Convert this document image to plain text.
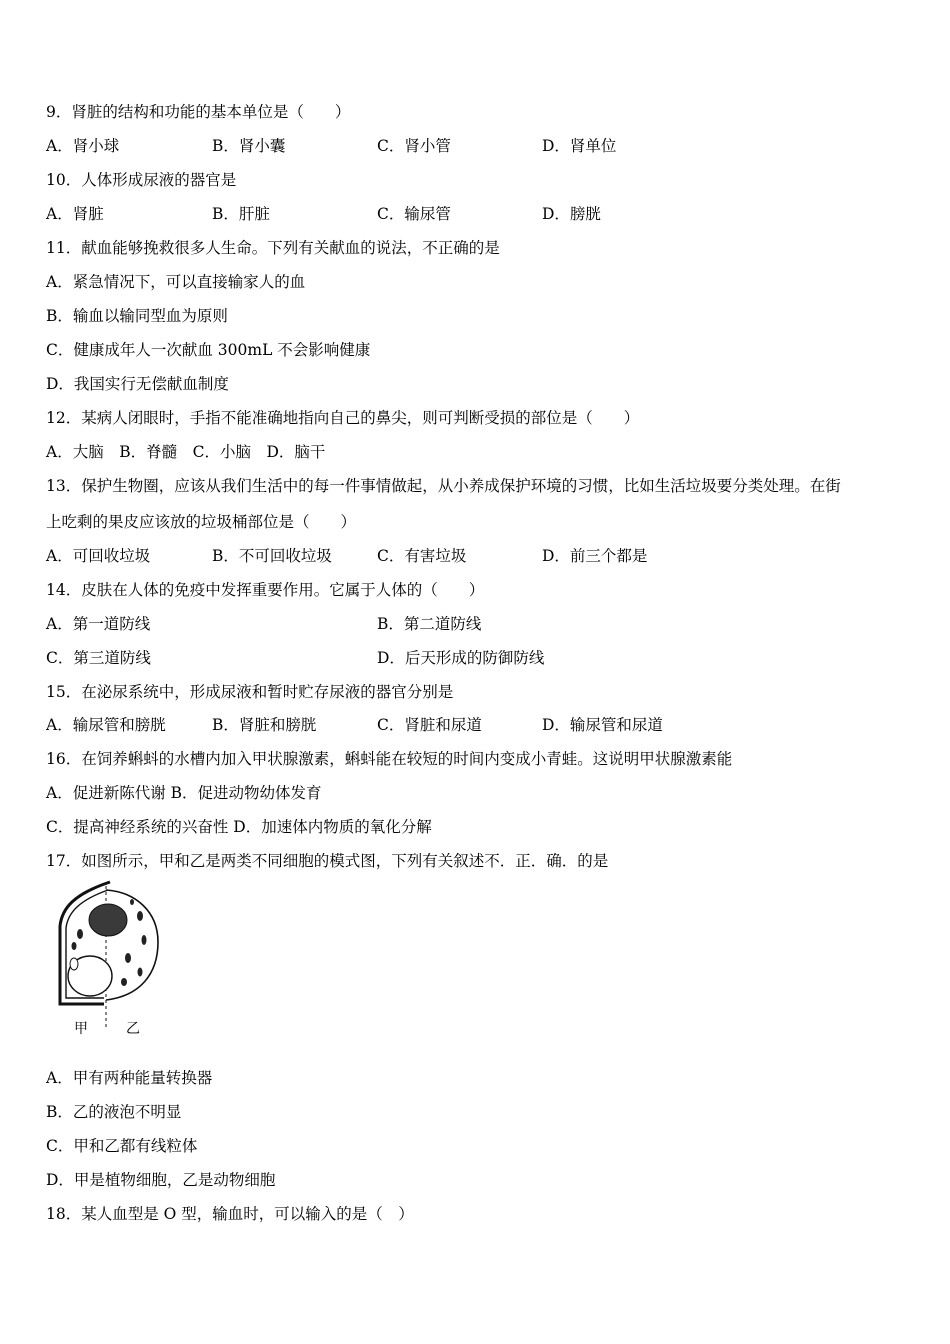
9．肾脏的结构和功能的基本单位是（　　）
A．肾小球	B．肾小囊	C．肾小管	D．肾单位
10．人体形成尿液的器官是
A．肾脏	B．肝脏	C．输尿管	D．膀胱
11．献血能够挽救很多人生命。下列有关献血的说法，不正确的是
A．紧急情况下，可以直接输家人的血
B．输血以输同型血为原则
C．健康成年人一次献血 300mL 不会影响健康
D．我国实行无偿献血制度
12．某病人闭眼时，手指不能准确地指向自己的鼻尖，则可判断受损的部位是（　　）
A．大脑　B．脊髓　C．小脑　D．脑干
13．保护生物圈，应该从我们生活中的每一件事情做起，从小养成保护环境的习惯，比如生活垃圾要分类处理。在街
上吃剩的果皮应该放的垃圾桶部位是（　　）
A．可回收垃圾	B．不可回收垃圾	C．有害垃圾	D．前三个都是
14．皮肤在人体的免疫中发挥重要作用。它属于人体的（　　）
A．第一道防线	B．第二道防线
C．第三道防线	D．后天形成的防御防线
15．在泌尿系统中，形成尿液和暂时贮存尿液的器官分别是
A．输尿管和膀胱	B．肾脏和膀胱	C．肾脏和尿道	D．输尿管和尿道
16．在饲养蝌蚪的水槽内加入甲状腺激素，蝌蚪能在较短的时间内变成小青蛙。这说明甲状腺激素能
A．促进新陈代谢 B．促进动物幼体发育
C．提高神经系统的兴奋性 D．加速体内物质的氧化分解
17．如图所示，甲和乙是两类不同细胞的模式图，下列有关叙述不．正．确．的是
甲	乙
A．甲有两种能量转换器
B．乙的液泡不明显
C．甲和乙都有线粒体
D．甲是植物细胞，乙是动物细胞
18．某人血型是 O 型，输血时，可以输入的是（　）
